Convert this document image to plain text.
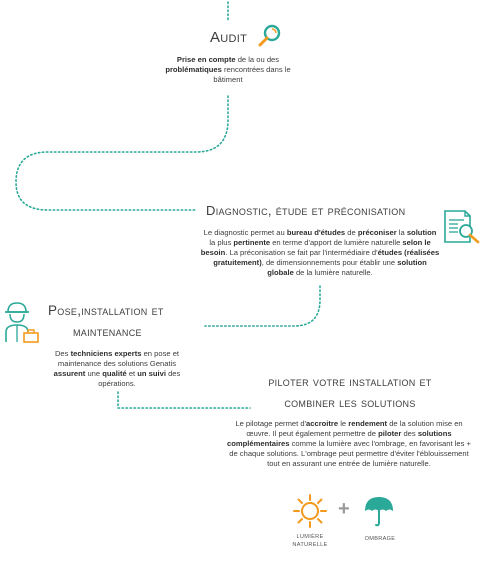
Audit
Prise en compte de la ou des problématiques rencontrées dans le bâtiment
Diagnostic, étude et préconisation
Le diagnostic permet au bureau d'études de préconiser la solution la plus pertinente en terme d'apport de lumière naturelle selon le besoin. La préconisation se fait par l'intermédiaire d'études (réalisées gratuitement), de dimensionnements pour établir une solution globale de la lumière naturelle.
Pose,installation et
maintenance
Des techniciens experts en pose et maintenance des solutions Genatis assurent une qualité et un suivi des opérations.	piloter votre installation et
combiner les solutions
Le pilotage permet d'accroitre le rendement de la solution mise en œuvre. Il peut également permettre de piloter des solutions complémentaires comme la lumière avec l'ombrage, en favorisant les + de chaque solutions. L'ombrage peut permettre d'éviter l'éblouissement tout en assurant une entrée de lumière naturelle.
LUMIÈRE
NATURELLE
+
OMBRAGE
